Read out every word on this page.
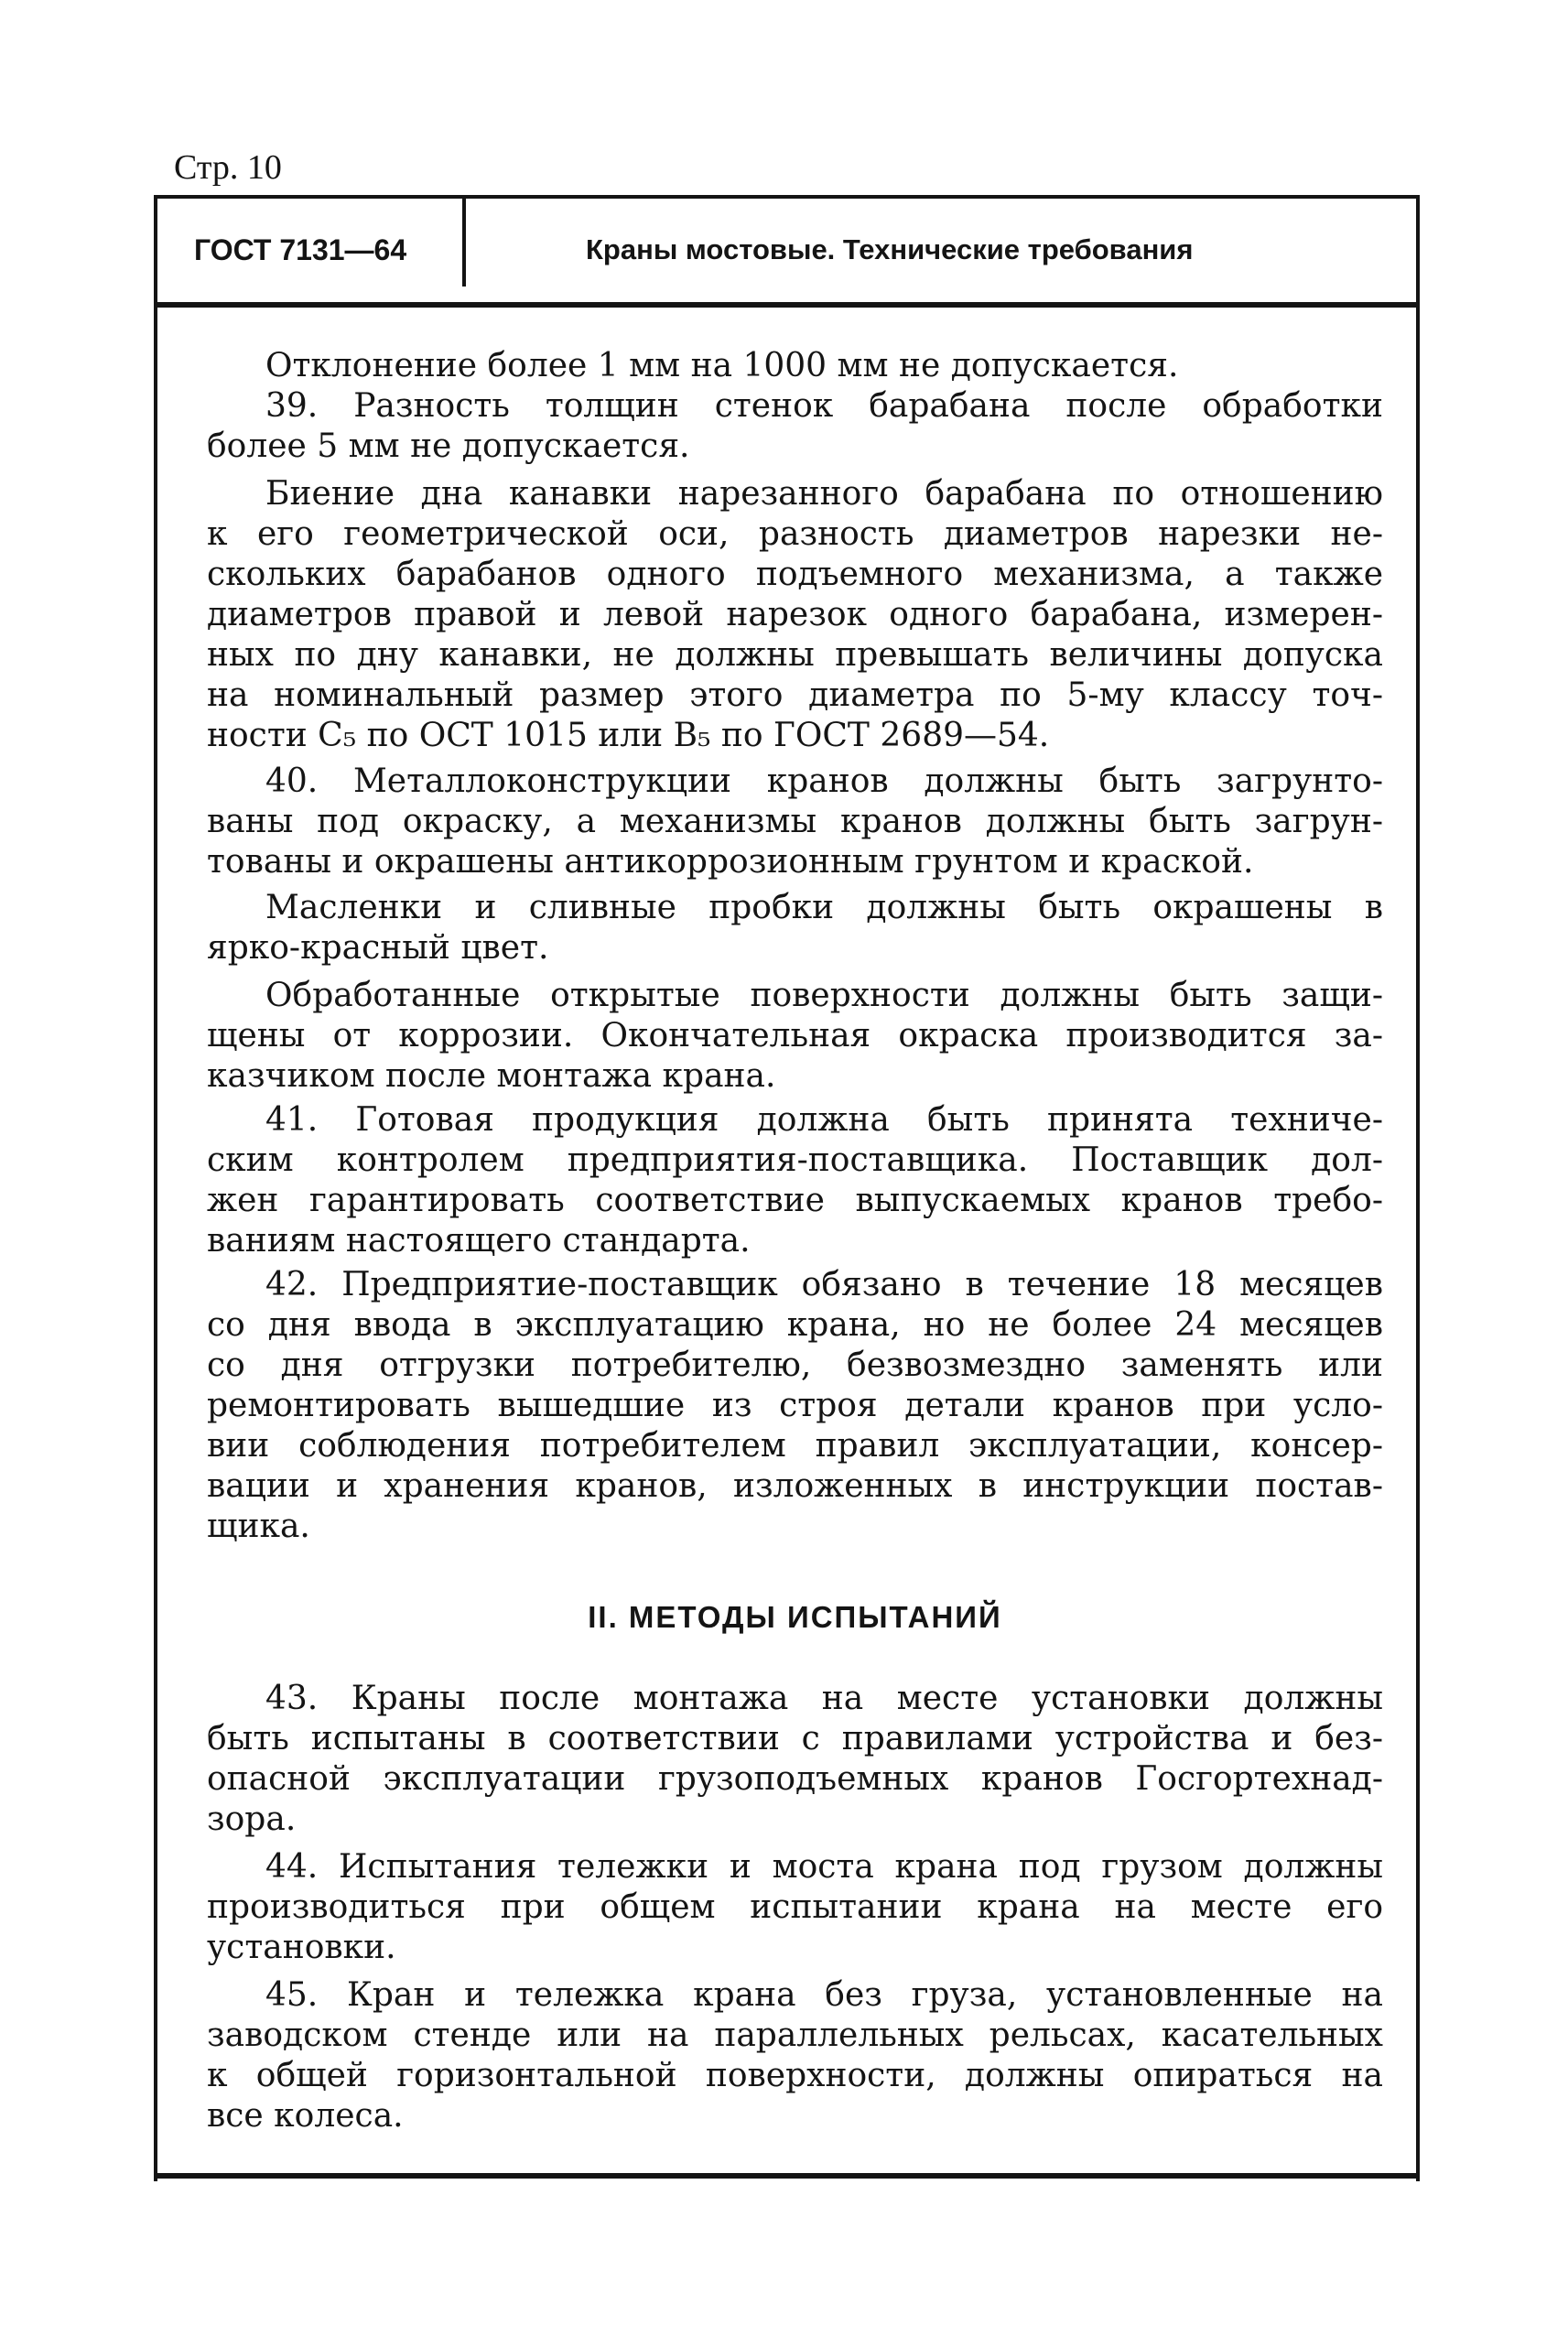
Стр. 10
ГОСТ 7131—64	Краны мостовые. Технические требования
Отклонение более 1 мм на 1000 мм не допускается.
39. Разность толщин стенок барабана после обработки
более 5 мм не допускается.
Биение дна канавки нарезанного барабана по отношению
к его геометрической оси, разность диаметров нарезки не-
скольких барабанов одного подъемного механизма, а также
диаметров правой и левой нарезок одного барабана, измерен-
ных по дну канавки, не должны превышать величины допуска
на номинальный размер этого диаметра по 5-му классу точ-
ности C₅ по ОСТ 1015 или B₅ по ГОСТ 2689—54.
40. Металлоконструкции кранов должны быть загрунто-
ваны под окраску, а механизмы кранов должны быть загрун-
тованы и окрашены антикоррозионным грунтом и краской.
Масленки и сливные пробки должны быть окрашены в
ярко-красный цвет.
Обработанные открытые поверхности должны быть защи-
щены от коррозии. Окончательная окраска производится за-
казчиком после монтажа крана.
41. Готовая продукция должна быть принята техниче-
ским контролем предприятия-поставщика. Поставщик дол-
жен гарантировать соответствие выпускаемых кранов требо-
ваниям настоящего стандарта.
42. Предприятие-поставщик обязано в течение 18 месяцев
со дня ввода в эксплуатацию крана, но не более 24 месяцев
со дня отгрузки потребителю, безвозмездно заменять или
ремонтировать вышедшие из строя детали кранов при усло-
вии соблюдения потребителем правил эксплуатации, консер-
вации и хранения кранов, изложенных в инструкции постав-
щика.
II. МЕТОДЫ ИСПЫТАНИЙ
43. Краны после монтажа на месте установки должны
быть испытаны в соответствии с правилами устройства и без-
опасной эксплуатации грузоподъемных кранов Госгортехнад-
зора.
44. Испытания тележки и моста крана под грузом должны
производиться при общем испытании крана на месте его
установки.
45. Кран и тележка крана без груза, установленные на
заводском стенде или на параллельных рельсах, касательных
к общей горизонтальной поверхности, должны опираться на
все колеса.
